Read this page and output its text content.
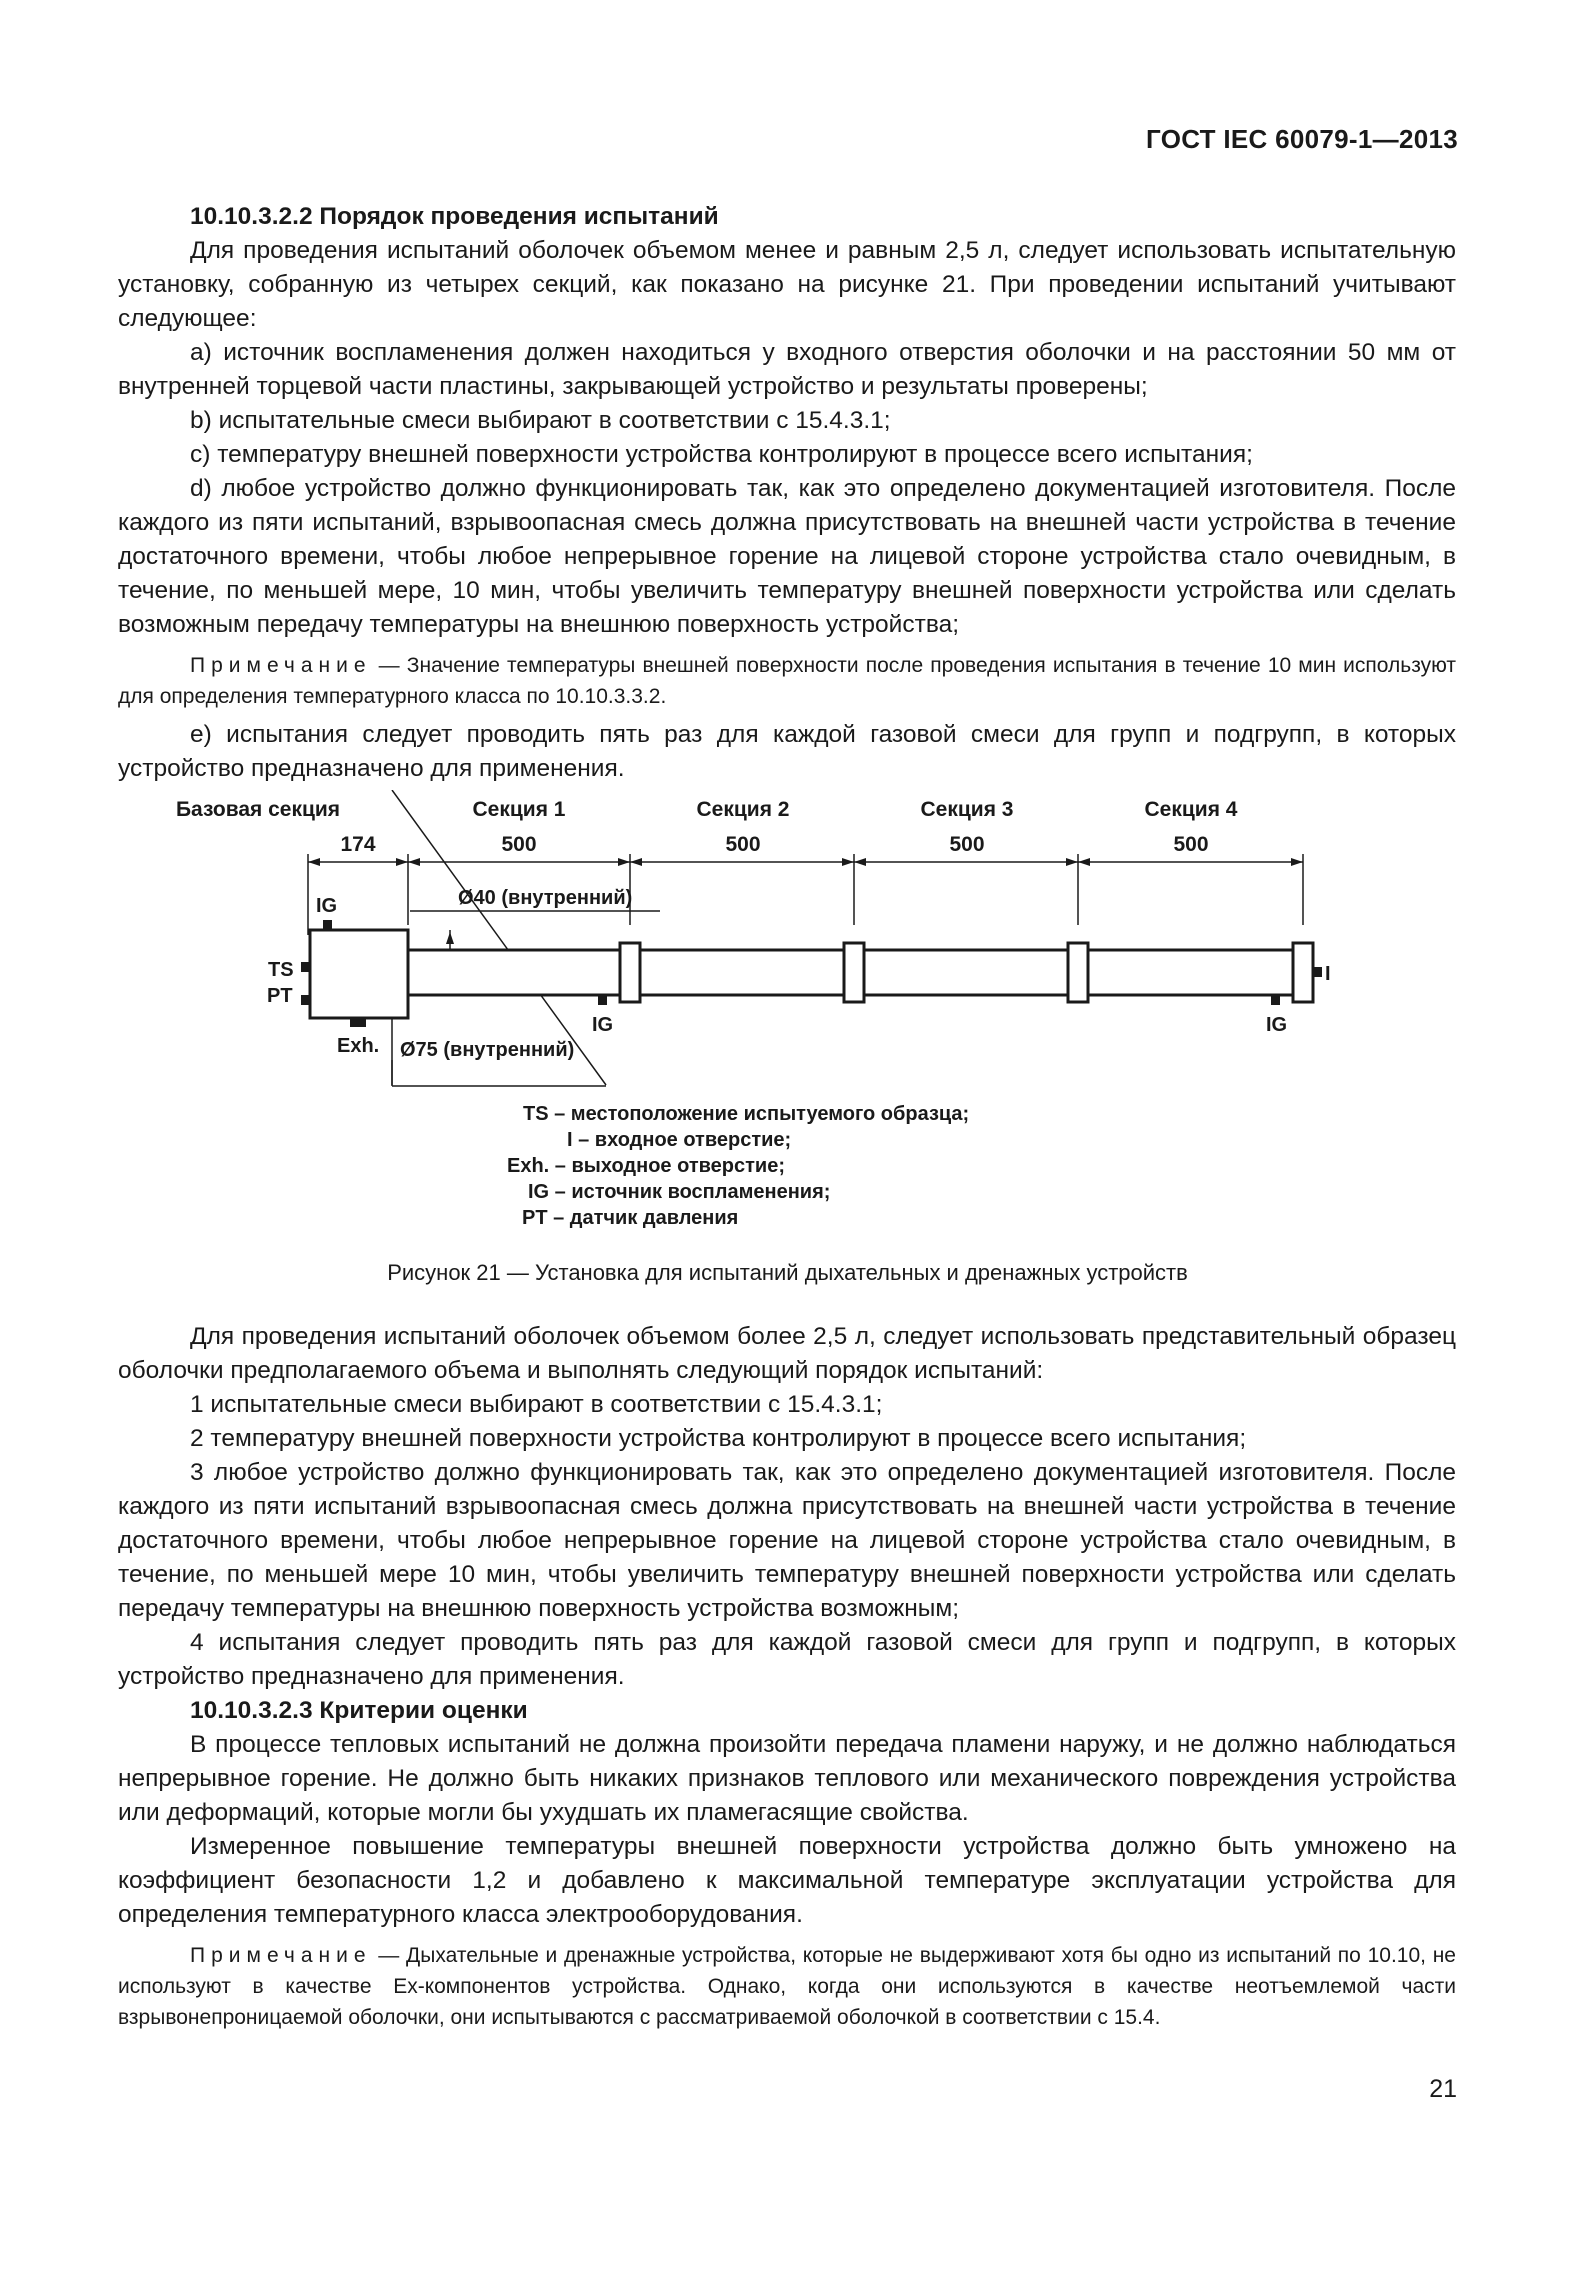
ГОСТ IEC 60079-1—2013

10.10.3.2.2 Порядок проведения испытаний

Для проведения испытаний оболочек объемом менее и равным 2,5 л, следует использовать испытательную установку, собранную из четырех секций, как показано на рисунке 21. При проведении испытаний учитывают следующее:

a) источник воспламенения должен находиться у входного отверстия оболочки и на расстоянии 50 мм от внутренней торцевой части пластины, закрывающей устройство и результаты проверены;

b) испытательные смеси выбирают в соответствии с 15.4.3.1;

c) температуру внешней поверхности устройства контролируют в процессе всего испытания;

d) любое устройство должно функционировать так, как это определено документацией изготовителя. После каждого из пяти испытаний, взрывоопасная смесь должна присутствовать на внешней части устройства в течение достаточного времени, чтобы любое непрерывное горение на лицевой стороне устройства стало очевидным, в течение, по меньшей мере, 10 мин, чтобы увеличить температуру внешней поверхности устройства или сделать возможным передачу температуры на внешнюю поверхность устройства;

Примечание — Значение температуры внешней поверхности после проведения испытания в течение 10 мин используют для определения температурного класса по 10.10.3.3.2.

e) испытания следует проводить пять раз для каждой газовой смеси для групп и подгрупп, в которых устройство предназначено для применения.

Базовая секция	Секция 1	Секция 2	Секция 3	Секция 4
174	500	500	500	500
IG
TS
PT
Exh.
IG	IG
I
Ø40 (внутренний)
Ø75 (внутренний)
TS – местоположение испытуемого образца;
I – входное отверстие;
Exh. – выходное отверстие;
IG – источник воспламенения;
PT – датчик давления
Рисунок 21 — Установка для испытаний дыхательных и дренажных устройств

Для проведения испытаний оболочек объемом более 2,5 л, следует использовать представительный образец оболочки предполагаемого объема и выполнять следующий порядок испытаний:

1 испытательные смеси выбирают в соответствии с 15.4.3.1;

2 температуру внешней поверхности устройства контролируют в процессе всего испытания;

3 любое устройство должно функционировать так, как это определено документацией изготовителя. После каждого из пяти испытаний взрывоопасная смесь должна присутствовать на внешней части устройства в течение достаточного времени, чтобы любое непрерывное горение на лицевой стороне устройства стало очевидным, в течение, по меньшей мере 10 мин, чтобы увеличить температуру внешней поверхности устройства или сделать передачу температуры на внешнюю поверхность устройства возможным;

4 испытания следует проводить пять раз для каждой газовой смеси для групп и подгрупп, в которых устройство предназначено для применения.

10.10.3.2.3 Критерии оценки

В процессе тепловых испытаний не должна произойти передача пламени наружу, и не должно наблюдаться непрерывное горение. Не должно быть никаких признаков теплового или механического повреждения устройства или деформаций, которые могли бы ухудшать их пламегасящие свойства.

Измеренное повышение температуры внешней поверхности устройства должно быть умножено на коэффициент безопасности 1,2 и добавлено к максимальной температуре эксплуатации устройства для определения температурного класса электрооборудования.

Примечание — Дыхательные и дренажные устройства, которые не выдерживают хотя бы одно из испытаний по 10.10, не используют в качестве Ex-компонентов устройства. Однако, когда они используются в качестве неотъемлемой части взрывонепроницаемой оболочки, они испытываются с рассматриваемой оболочкой в соответствии с 15.4.

21
